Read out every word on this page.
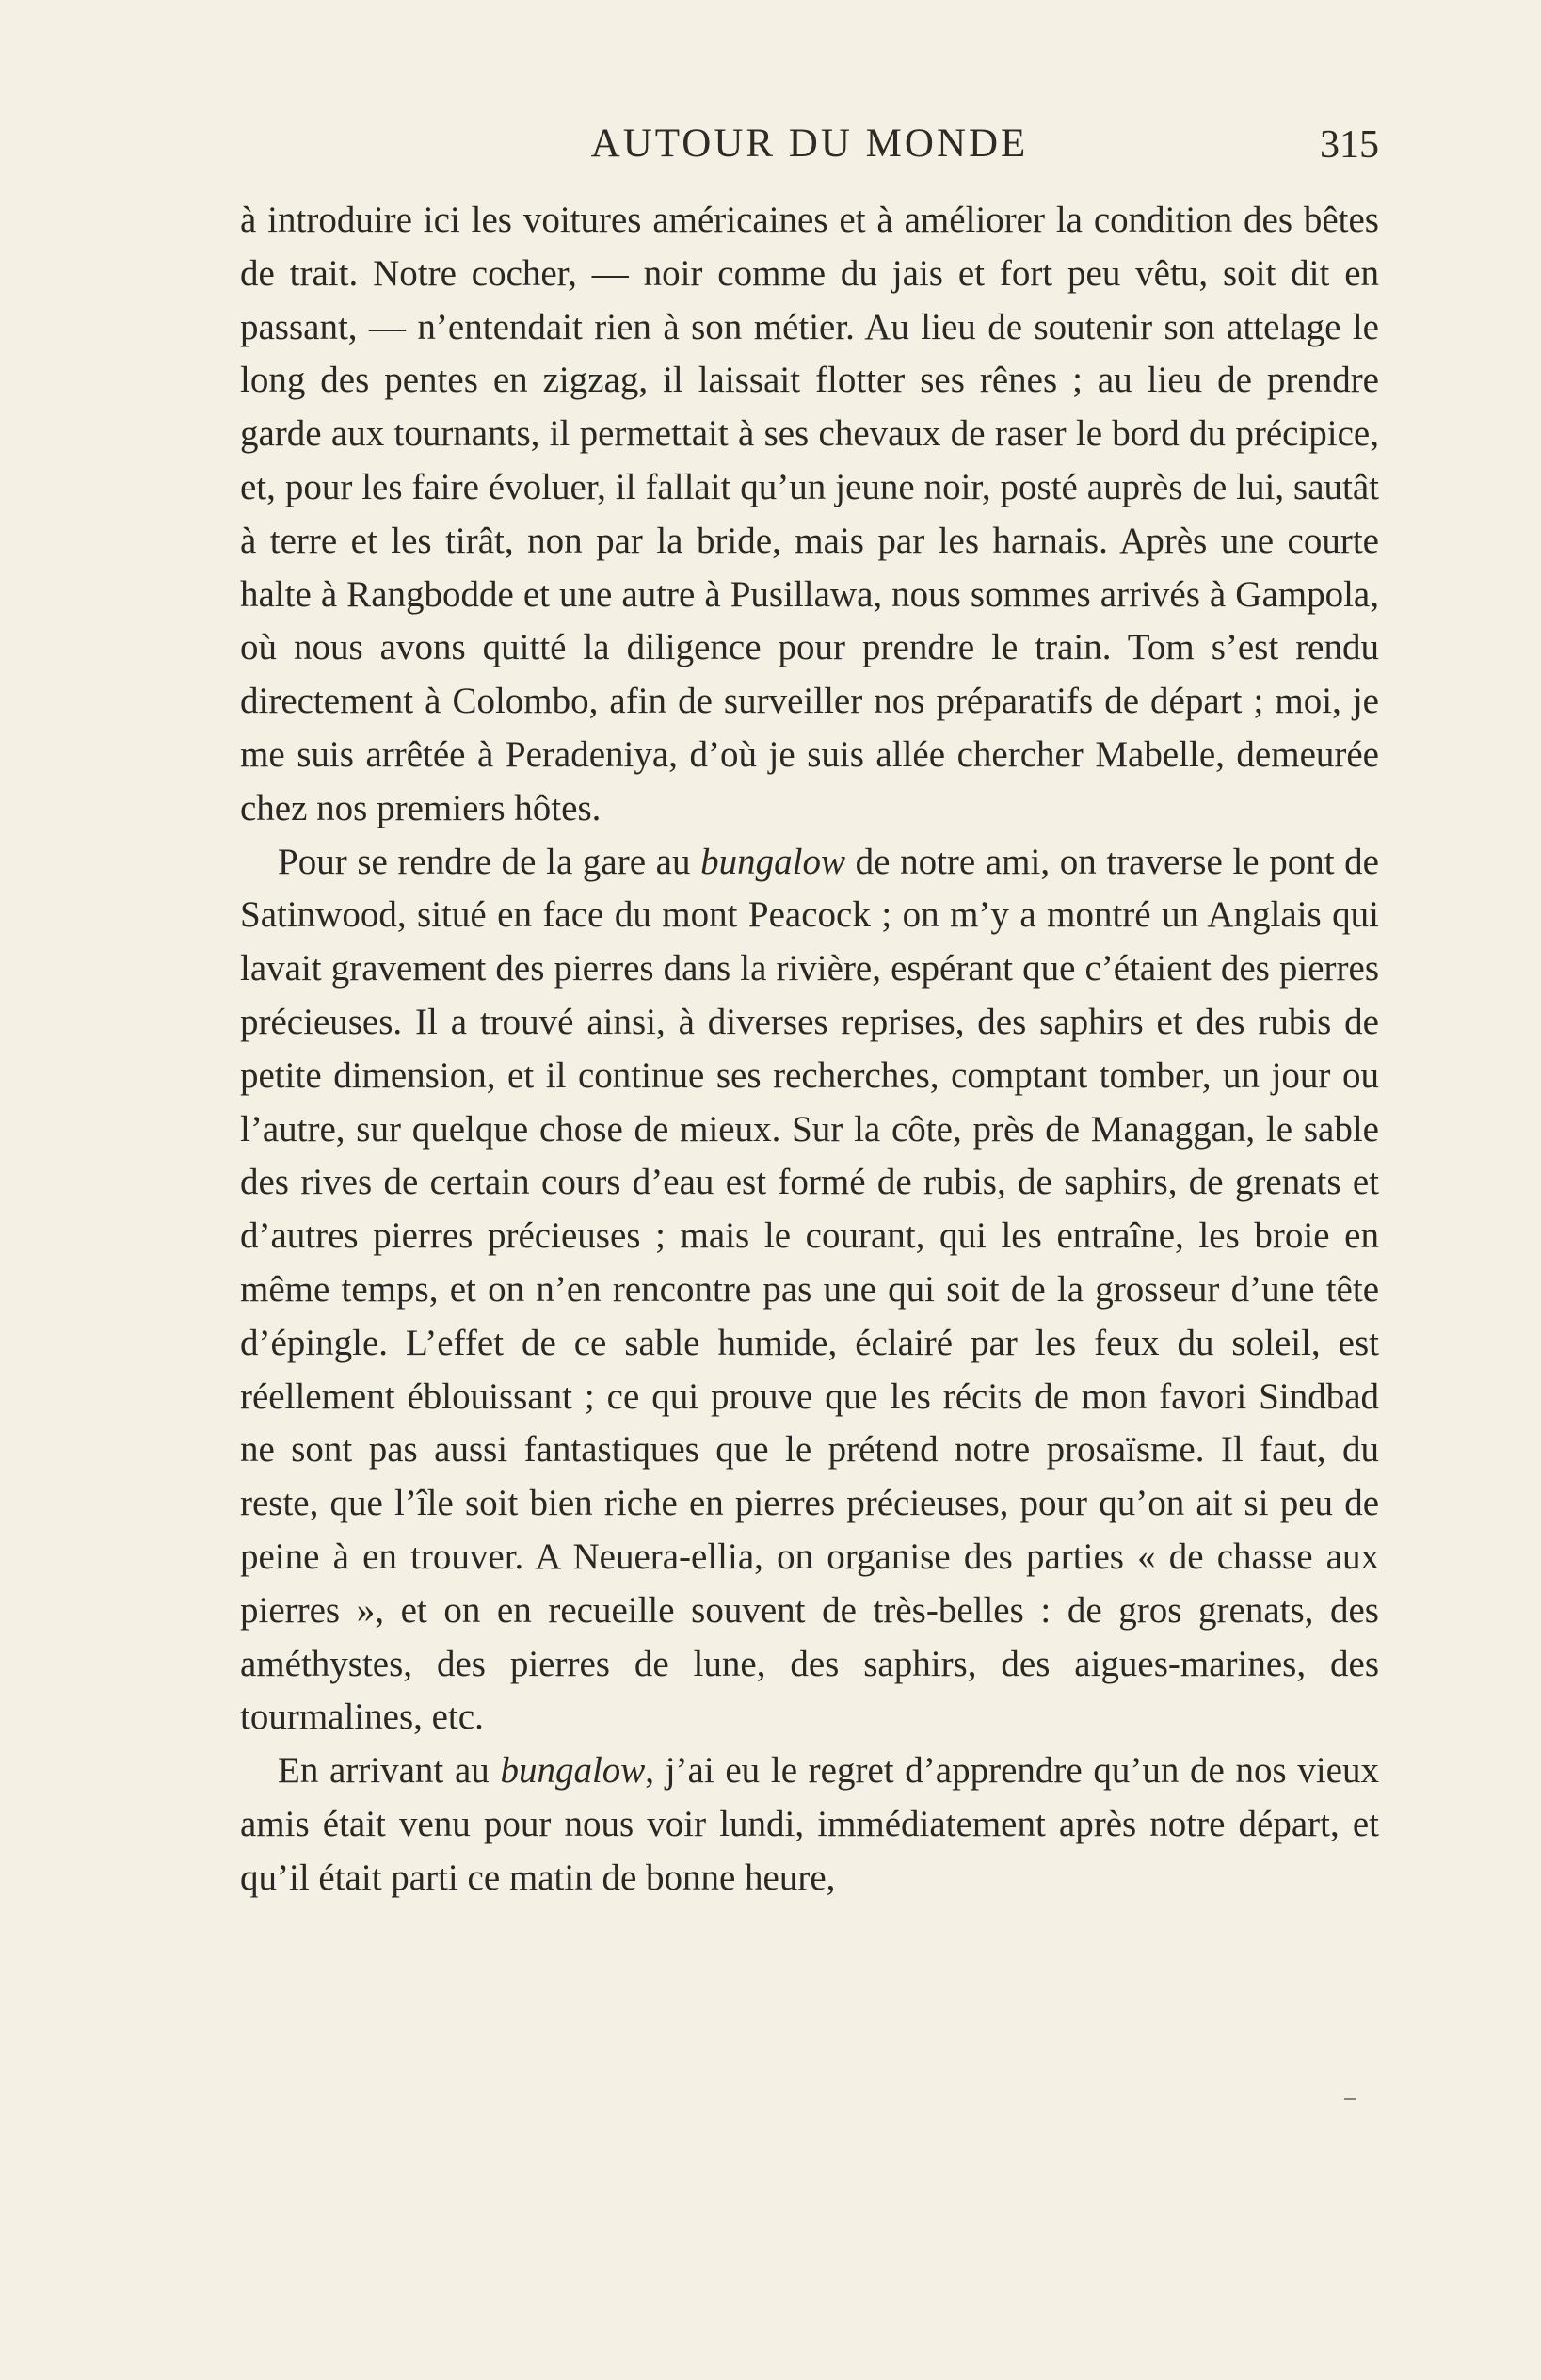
AUTOUR DU MONDE	315

à introduire ici les voitures américaines et à améliorer la condition des bêtes de trait. Notre cocher, — noir comme du jais et fort peu vêtu, soit dit en passant, — n’entendait rien à son métier. Au lieu de soutenir son attelage le long des pentes en zigzag, il laissait flotter ses rênes ; au lieu de prendre garde aux tournants, il permettait à ses chevaux de raser le bord du précipice, et, pour les faire évoluer, il fallait qu’un jeune noir, posté auprès de lui, sautât à terre et les tirât, non par la bride, mais par les harnais. Après une courte halte à Rangbodde et une autre à Pusillawa, nous sommes arrivés à Gampola, où nous avons quitté la diligence pour prendre le train. Tom s’est rendu directement à Colombo, afin de surveiller nos préparatifs de départ ; moi, je me suis arrêtée à Peradeniya, d’où je suis allée chercher Mabelle, demeurée chez nos premiers hôtes.

Pour se rendre de la gare au bungalow de notre ami, on traverse le pont de Satinwood, situé en face du mont Peacock ; on m’y a montré un Anglais qui lavait gravement des pierres dans la rivière, espérant que c’étaient des pierres précieuses. Il a trouvé ainsi, à diverses reprises, des saphirs et des rubis de petite dimension, et il continue ses recherches, comptant tomber, un jour ou l’autre, sur quelque chose de mieux. Sur la côte, près de Managgan, le sable des rives de certain cours d’eau est formé de rubis, de saphirs, de grenats et d’autres pierres précieuses ; mais le courant, qui les entraîne, les broie en même temps, et on n’en rencontre pas une qui soit de la grosseur d’une tête d’épingle. L’effet de ce sable humide, éclairé par les feux du soleil, est réellement éblouissant ; ce qui prouve que les récits de mon favori Sindbad ne sont pas aussi fantastiques que le prétend notre prosaïsme. Il faut, du reste, que l’île soit bien riche en pierres précieuses, pour qu’on ait si peu de peine à en trouver. A Neuera-ellia, on organise des parties « de chasse aux pierres », et on en recueille souvent de très-belles : de gros grenats, des améthystes, des pierres de lune, des saphirs, des aigues-marines, des tourmalines, etc.

En arrivant au bungalow, j’ai eu le regret d’apprendre qu’un de nos vieux amis était venu pour nous voir lundi, immédiatement après notre départ, et qu’il était parti ce matin de bonne heure,
